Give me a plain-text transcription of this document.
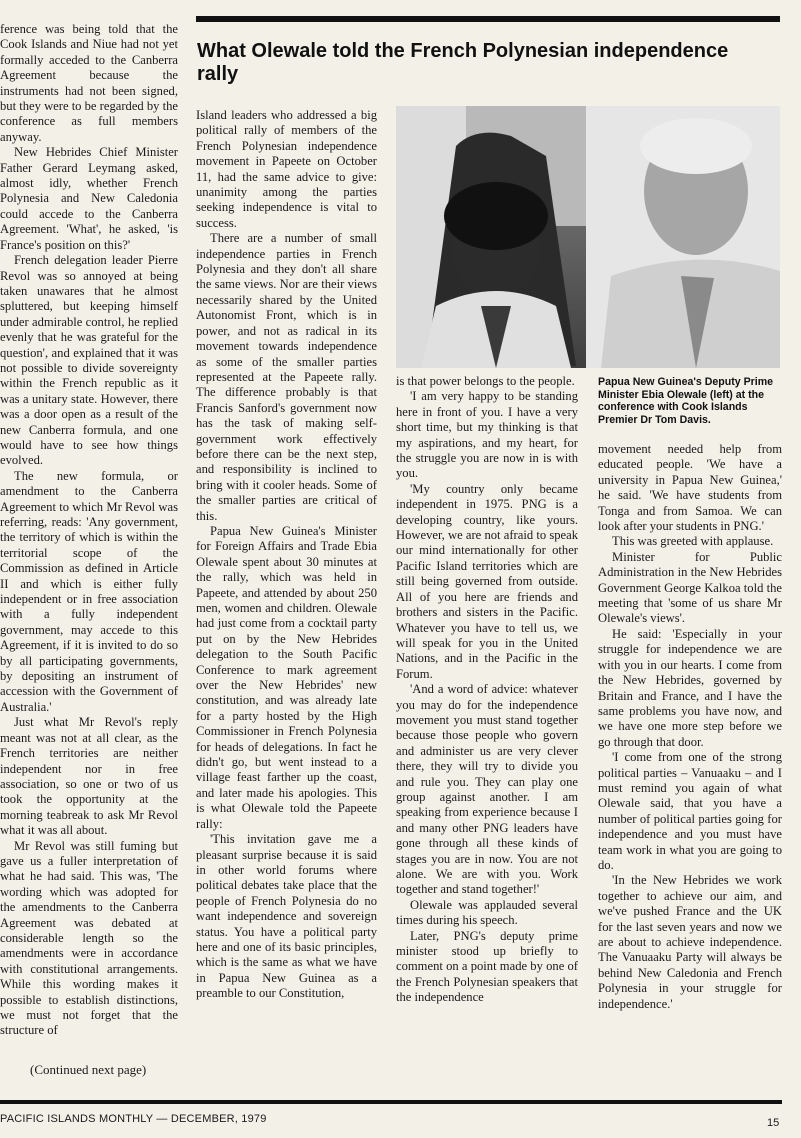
What Olewale told the French Polynesian independence rally

ference was being told that the Cook Islands and Niue had not yet formally acceded to the Canberra Agreement because the instruments had not been signed, but they were to be regarded by the conference as full members anyway.

New Hebrides Chief Minister Father Gerard Leymang asked, almost idly, whether French Polynesia and New Caledonia could accede to the Canberra Agreement. 'What', he asked, 'is France's position on this?'

French delegation leader Pierre Revol was so annoyed at being taken unawares that he almost spluttered, but keeping himself under admirable control, he replied evenly that he was grateful for the question', and explained that it was not possible to divide sovereignty within the French republic as it was a unitary state. However, there was a door open as a result of the new Canberra formula, and one would have to see how things evolved.

The new formula, or amendment to the Canberra Agreement to which Mr Revol was referring, reads: 'Any government, the territory of which is within the territorial scope of the Commission as defined in Article II and which is either fully independent or in free association with a fully independent government, may accede to this Agreement, if it is invited to do so by all participating governments, by depositing an instrument of accession with the Government of Australia.'

Just what Mr Revol's reply meant was not at all clear, as the French territories are neither independent nor in free association, so one or two of us took the opportunity at the morning teabreak to ask Mr Revol what it was all about.

Mr Revol was still fuming but gave us a fuller interpretation of what he had said. This was, 'The wording which was adopted for the amendments to the Canberra Agreement was debated at considerable length so the amendments were in accordance with constitutional arrangements. While this wording makes it possible to establish distinctions, we must not forget that the structure of

(Continued next page)

Island leaders who addressed a big political rally of members of the French Polynesian independence movement in Papeete on October 11, had the same advice to give: unanimity among the parties seeking independence is vital to success.

There are a number of small independence parties in French Polynesia and they don't all share the same views. Nor are their views necessarily shared by the United Autonomist Front, which is in power, and not as radical in its movement towards independence as some of the smaller parties represented at the Papeete rally. The difference probably is that Francis Sanford's government now has the task of making self-government work effectively before there can be the next step, and responsibility is inclined to bring with it cooler heads. Some of the smaller parties are critical of this.

Papua New Guinea's Minister for Foreign Affairs and Trade Ebia Olewale spent about 30 minutes at the rally, which was held in Papeete, and attended by about 250 men, women and children. Olewale had just come from a cocktail party put on by the New Hebrides delegation to the South Pacific Conference to mark agreement over the New Hebrides' new constitution, and was already late for a party hosted by the High Commissioner in French Polynesia for heads of delegations. In fact he didn't go, but went instead to a village feast farther up the coast, and later made his apologies. This is what Olewale told the Papeete rally:

'This invitation gave me a pleasant surprise because it is said in other world forums where political debates take place that the people of French Polynesia do no want independence and sovereign status. You have a political party here and one of its basic principles, which is the same as what we have in Papua New Guinea as a preamble to our Constitution,

is that power belongs to the people.

'I am very happy to be standing here in front of you. I have a very short time, but my thinking is that my aspirations, and my heart, for the struggle you are now in is with you.

'My country only became independent in 1975. PNG is a developing country, like yours. However, we are not afraid to speak our mind internationally for other Pacific Island territories which are still being governed from outside. All of you here are friends and brothers and sisters in the Pacific. Whatever you have to tell us, we will speak for you in the United Nations, and in the Pacific in the Forum.

'And a word of advice: whatever you may do for the independence movement you must stand together because those people who govern and administer us are very clever there, they will try to divide you and rule you. They can play one group against another. I am speaking from experience because I and many other PNG leaders have gone through all these kinds of stages you are in now. You are not alone. We are with you. Work together and stand together!'

Olewale was applauded several times during his speech.

Later, PNG's deputy prime minister stood up briefly to comment on a point made by one of the French Polynesian speakers that the independence

Papua New Guinea's Deputy Prime Minister Ebia Olewale (left) at the conference with Cook Islands Premier Dr Tom Davis.

movement needed help from educated people. 'We have a university in Papua New Guinea,' he said. 'We have students from Tonga and from Samoa. We can look after your students in PNG.'

This was greeted with applause.

Minister for Public Administration in the New Hebrides Government George Kalkoa told the meeting that 'some of us share Mr Olewale's views'.

He said: 'Especially in your struggle for independence we are with you in our hearts. I come from the New Hebrides, governed by Britain and France, and I have the same problems you have now, and we have one more step before we go through that door.

'I come from one of the strong political parties – Vanuaaku – and I must remind you again of what Olewale said, that you have a number of political parties going for independence and you must have team work in what you are going to do.

'In the New Hebrides we work together to achieve our aim, and we've pushed France and the UK for the last seven years and now we are about to achieve independence. The Vanuaaku Party will always be behind New Caledonia and French Polynesia in your struggle for independence.'

PACIFIC ISLANDS MONTHLY — DECEMBER, 1979	15
